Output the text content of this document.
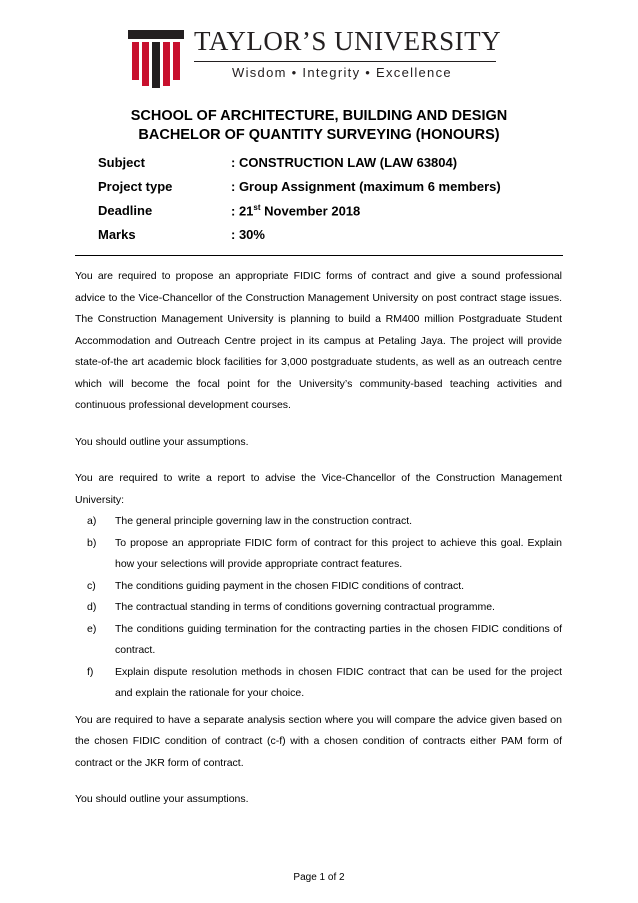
TAYLOR’S UNIVERSITY
Wisdom • Integrity • Excellence
SCHOOL OF ARCHITECTURE, BUILDING AND DESIGN
BACHELOR OF QUANTITY SURVEYING (HONOURS)
Subject	: CONSTRUCTION LAW (LAW 63804)
Project type	: Group Assignment (maximum 6 members)
Deadline	: 21st November 2018
Marks	: 30%

You are required to propose an appropriate FIDIC forms of contract and give a sound professional advice to the Vice-Chancellor of the Construction Management University on post contract stage issues. The Construction Management University is planning to build a RM400 million Postgraduate Student Accommodation and Outreach Centre project in its campus at Petaling Jaya. The project will provide state-of-the art academic block facilities for 3,000 postgraduate students, as well as an outreach centre which will become the focal point for the University’s community-based teaching activities and continuous professional development courses.

You should outline your assumptions.

You are required to write a report to advise the Vice-Chancellor of the Construction Management University:

a) The general principle governing law in the construction contract.
b) To propose an appropriate FIDIC form of contract for this project to achieve this goal. Explain how your selections will provide appropriate contract features.
c) The conditions guiding payment in the chosen FIDIC conditions of contract.
d) The contractual standing in terms of conditions governing contractual programme.
e) The conditions guiding termination for the contracting parties in the chosen FIDIC conditions of contract.
f) Explain dispute resolution methods in chosen FIDIC contract that can be used for the project and explain the rationale for your choice.

You are required to have a separate analysis section where you will compare the advice given based on the chosen FIDIC condition of contract (c-f) with a chosen condition of contracts either PAM form of contract or the JKR form of contract.

You should outline your assumptions.

Page 1 of 2
